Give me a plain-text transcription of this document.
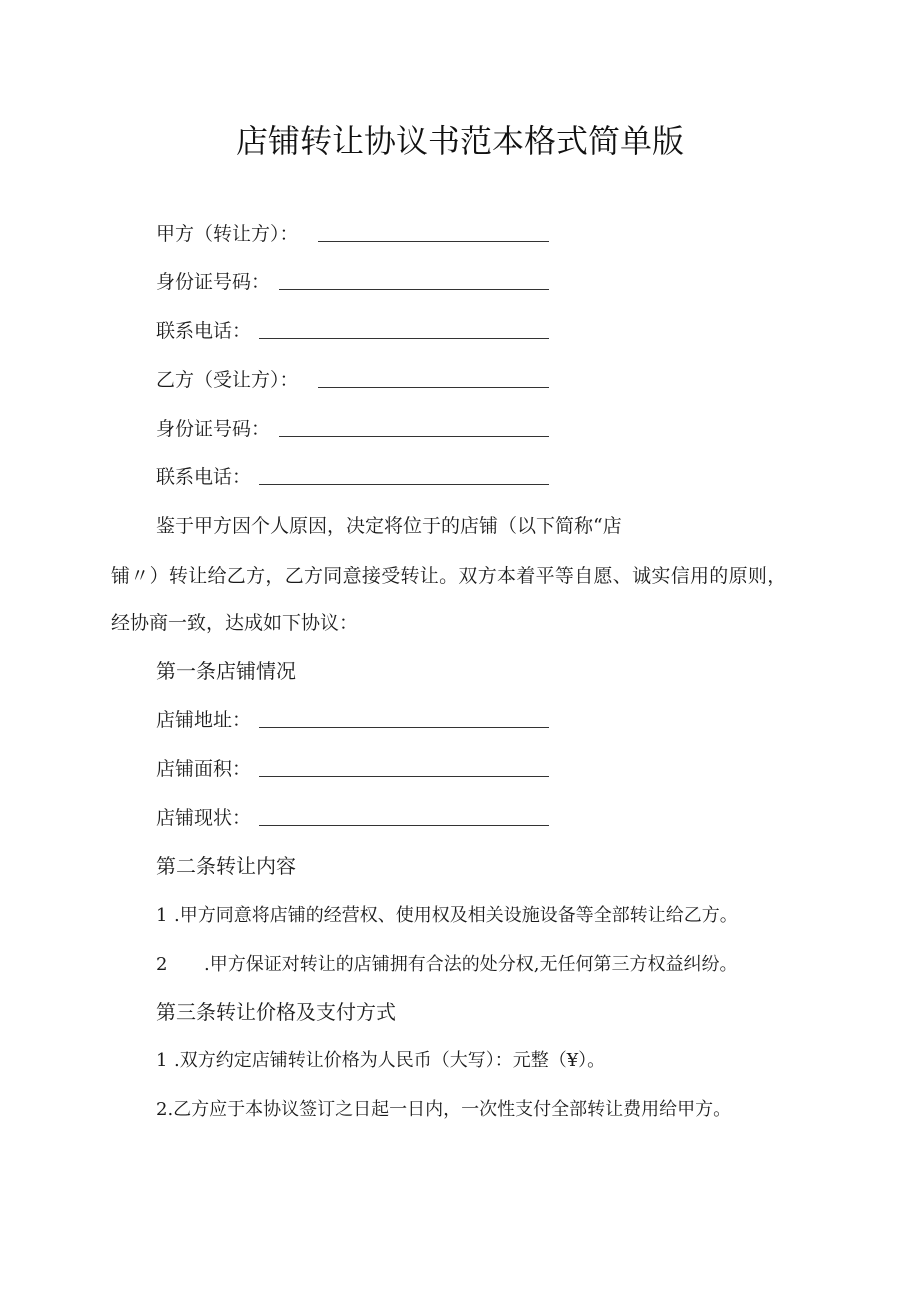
店铺转让协议书范本格式简单版
甲方（转让方）：
身份证号码：
联系电话：
乙方（受让方）：
身份证号码：
联系电话：
鉴于甲方因个人原因，决定将位于的店铺（以下简称“店
铺〃）转让给乙方，乙方同意接受转让。双方本着平等自愿、诚实信用的原则，
经协商一致，达成如下协议：
第一条店铺情况
店铺地址：
店铺面积：
店铺现状：
第二条转让内容
1 .甲方同意将店铺的经营权、使用权及相关设施设备等全部转让给乙方。
2 .甲方保证对转让的店铺拥有合法的处分权,无任何第三方权益纠纷。
第三条转让价格及支付方式
1 .双方约定店铺转让价格为人民币（大写）：元整（¥）。
2.乙方应于本协议签订之日起一日内，一次性支付全部转让费用给甲方。
